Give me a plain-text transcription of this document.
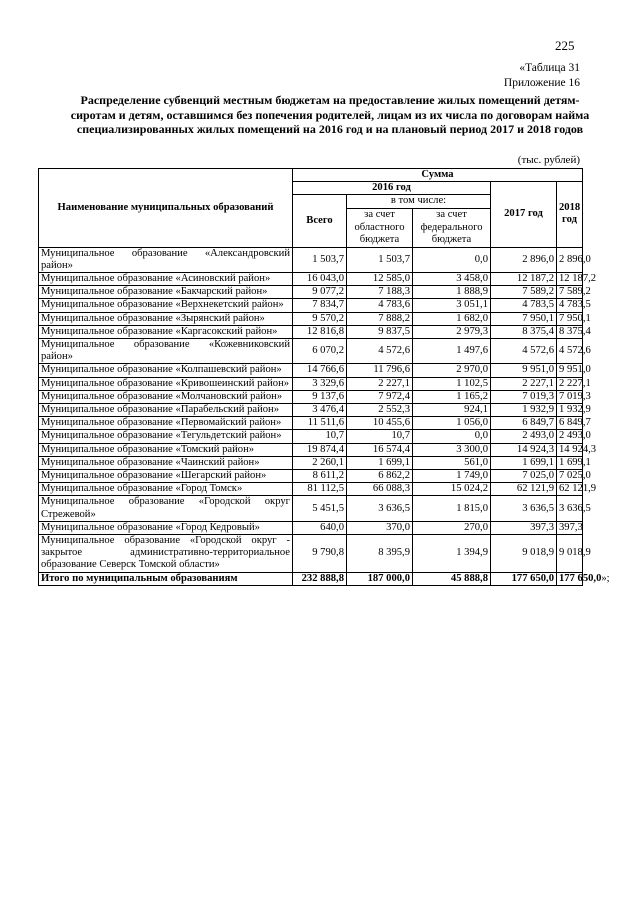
225
«Таблица 31
Приложение 16
Распределение субвенций местным бюджетам на предоставление жилых помещений детям-сиротам и детям, оставшимся без попечения родителей, лицам из их числа по договорам найма специализированных жилых помещений на 2016 год и на плановый период 2017 и 2018 годов
(тыс. рублей)
Наименование муниципальных образований	Сумма				
	2016 год			2017 год	2018 год
	Всего	в том числе:			
		за счет областного бюджета	за счет федерального бюджета		
Муниципальное образование «Александровский район»	1 503,7	1 503,7	0,0	2 896,0	2 896,0
Муниципальное образование «Асиновский район»	16 043,0	12 585,0	3 458,0	12 187,2	12 187,2
Муниципальное образование «Бакчарский район»	9 077,2	7 188,3	1 888,9	7 589,2	7 589,2
Муниципальное образование «Верхнекетский район»	7 834,7	4 783,6	3 051,1	4 783,5	4 783,5
Муниципальное образование «Зырянский район»	9 570,2	7 888,2	1 682,0	7 950,1	7 950,1
Муниципальное образование «Каргасокский район»	12 816,8	9 837,5	2 979,3	8 375,4	8 375,4
Муниципальное образование «Кожевниковский район»	6 070,2	4 572,6	1 497,6	4 572,6	4 572,6
Муниципальное образование «Колпашевский район»	14 766,6	11 796,6	2 970,0	9 951,0	9 951,0
Муниципальное образование «Кривошеинский район»	3 329,6	2 227,1	1 102,5	2 227,1	2 227,1
Муниципальное образование «Молчановский район»	9 137,6	7 972,4	1 165,2	7 019,3	7 019,3
Муниципальное образование «Парабельский район»	3 476,4	2 552,3	924,1	1 932,9	1 932,9
Муниципальное образование «Первомайский район»	11 511,6	10 455,6	1 056,0	6 849,7	6 849,7
Муниципальное образование «Тегульдетский район»	10,7	10,7	0,0	2 493,0	2 493,0
Муниципальное образование «Томский район»	19 874,4	16 574,4	3 300,0	14 924,3	14 924,3
Муниципальное образование «Чаинский район»	2 260,1	1 699,1	561,0	1 699,1	1 699,1
Муниципальное образование «Шегарский район»	8 611,2	6 862,2	1 749,0	7 025,0	7 025,0
Муниципальное образование «Город Томск»	81 112,5	66 088,3	15 024,2	62 121,9	62 121,9
Муниципальное образование «Городской округ Стрежевой»	5 451,5	3 636,5	1 815,0	3 636,5	3 636,5
Муниципальное образование «Город Кедровый»	640,0	370,0	270,0	397,3	397,3
Муниципальное образование «Городской округ - закрытое административно-территориальное образование Северск Томской области»	9 790,8	8 395,9	1 394,9	9 018,9	9 018,9
Итого по муниципальным образованиям	232 888,8	187 000,0	45 888,8	177 650,0	177 650,0»;
